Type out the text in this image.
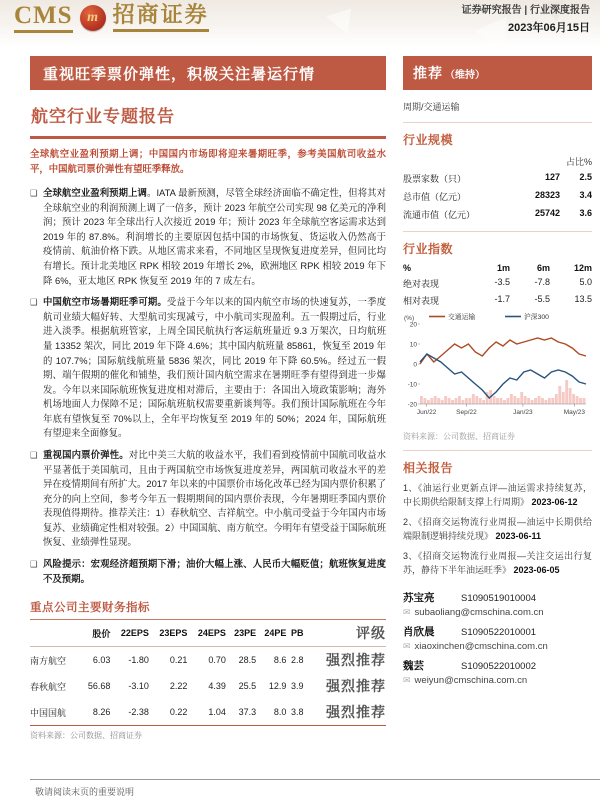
CMS	m 招商证券	证券研究报告 | 行业深度报告
2023年06月15日
重视旺季票价弹性，积极关注暑运行情
航空行业专题报告
全球航空业盈利预期上调；中国国内市场即将迎来暑期旺季，参考美国航司收益水平，中国航司票价弹性有望旺季释放。
❑ 全球航空业盈利预期上调。IATA 最新预测，尽管全球经济面临不确定性，但将其对全球航空业的利润预测上调了一倍多，预计 2023 年航空公司实现 98 亿美元的净利润；预计 2023 年全球出行人次接近 2019 年；预计 2023 年全球航空客运需求达到 2019 年的 87.8%。利润增长的主要原因包括中国的市场恢复、货运收入仍然高于疫情前、航油价格下跌。从地区需求来看，不同地区呈现恢复进度差异，但同比均有增长。预计北美地区 RPK 相较 2019 年增长 2%，欧洲地区 RPK 相较 2019 年下降 6%，亚太地区 RPK 恢复至 2019 年的 7 成左右。
❑ 中国航空市场暑期旺季可期。受益于今年以来的国内航空市场的快速复苏，一季度航司业绩大幅好转、大型航司实现减亏，中小航司实现盈利。五一假期过后，行业进入淡季。根据航班管家，上周全国民航执行客运航班量近 9.3 万架次，日均航班量 13352 架次，同比 2019 年下降 4.6%；其中国内航班量 85861，恢复至 2019 年的 107.7%；国际航线航班量 5836 架次，同比 2019 年下降 60.5%。经过五一假期、端午假期的催化和铺垫，我们预计国内航空需求在暑期旺季有望得到进一步爆发。今年以来国际航班恢复进度相对滞后，主要由于：各国出入境政策影响；海外机场地面人力保障不足；国际航班航权需要重新谈判等。我们预计国际航班在今年年底有望恢复至 70%以上，全年平均恢复至 2019 年的 50%；2024 年，国际航班有望迎来全面修复。
❑ 重视国内票价弹性。对比中美三大航的收益水平，我们看到疫情前中国航司收益水平显著低于美国航司，且由于两国航空市场恢复进度差异，两国航司收益水平的差异在疫情期间有所扩大。2017 年以来的中国票价市场化改革已经为国内票价积累了充分的向上空间，参考今年五一假期期间的国内票价表现，今年暑期旺季国内票价表现值得期待。推荐关注：1）春秋航空、吉祥航空。中小航司受益于今年国内市场复苏、业绩确定性相对较强。2）中国国航、南方航空。今明年有望受益于国际航班恢复、业绩弹性显现。
❑ 风险提示：宏观经济超预期下滑；油价大幅上涨、人民币大幅贬值；航班恢复进度不及预期。
重点公司主要财务指标
	股价	22EPS	23EPS	24EPS	23PE	24PE	PB	评级
南方航空	6.03	-1.80	0.21	0.70	28.5	8.6	2.8	强烈推荐
春秋航空	56.68	-3.10	2.22	4.39	25.5	12.9	3.9	强烈推荐
中国国航	8.26	-2.38	0.22	1.04	37.3	8.0	3.8	强烈推荐
资料来源：公司数据、招商证券
推荐 （维持）
周期/交通运输
行业规模
占比%
股票家数（只）	127	2.5
总市值（亿元）	28323	3.4
流通市值（亿元）	25742	3.6
行业指数
%	1m	6m	12m
绝对表现	-3.5	-7.8	5.0
相对表现	-1.7	-5.5	13.5
20
10
0
-10
-20
(%)
Jun/22	Sep/22	Jan/23	May/23
交通运输	沪深300
资料来源：公司数据、招商证券
相关报告
1、《油运行业更新点评—油运需求持续复苏，中长期供给限制支撑上行周期》 2023-06-12
2、《招商交运物流行业周报—油运中长期供给端限制逻辑持续兑现》 2023-06-11
3、《招商交运物流行业周报—关注交运出行复苏，静待下半年油运旺季》 2023-06-05
苏宝亮	S1090519010004
✉ subaoliang@cmschina.com.cn
肖欣晨	S1090522010001
✉ xiaoxinchen@cmschina.com.cn
魏芸	S1090522010002
✉ weiyun@cmschina.com.cn
敬请阅读末页的重要说明
